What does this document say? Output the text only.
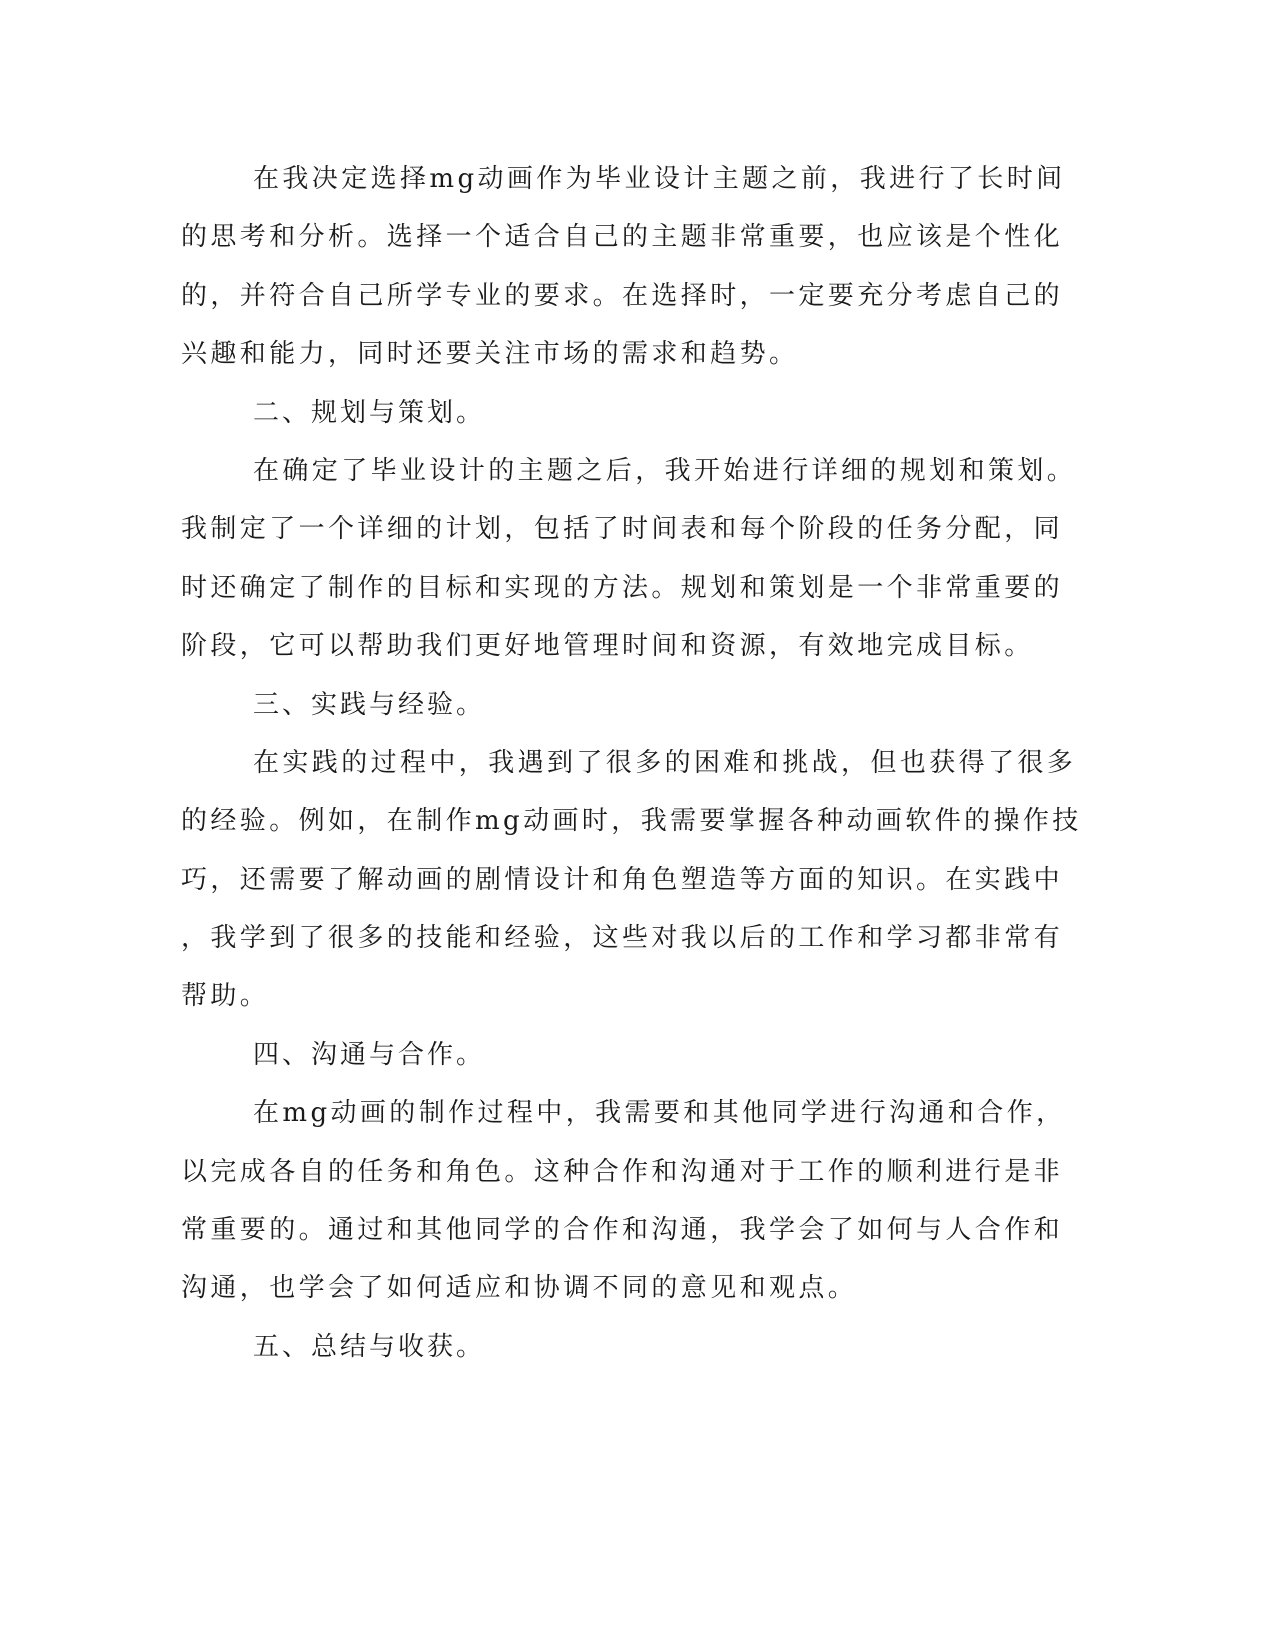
在我决定选择mg动画作为毕业设计主题之前，我进行了长时间
的思考和分析。选择一个适合自己的主题非常重要，也应该是个性化
的，并符合自己所学专业的要求。在选择时，一定要充分考虑自己的
兴趣和能力，同时还要关注市场的需求和趋势。
二、规划与策划。
在确定了毕业设计的主题之后，我开始进行详细的规划和策划。
我制定了一个详细的计划，包括了时间表和每个阶段的任务分配，同
时还确定了制作的目标和实现的方法。规划和策划是一个非常重要的
阶段，它可以帮助我们更好地管理时间和资源，有效地完成目标。
三、实践与经验。
在实践的过程中，我遇到了很多的困难和挑战，但也获得了很多
的经验。例如，在制作mg动画时，我需要掌握各种动画软件的操作技
巧，还需要了解动画的剧情设计和角色塑造等方面的知识。在实践中
，我学到了很多的技能和经验，这些对我以后的工作和学习都非常有
帮助。
四、沟通与合作。
在mg动画的制作过程中，我需要和其他同学进行沟通和合作，
以完成各自的任务和角色。这种合作和沟通对于工作的顺利进行是非
常重要的。通过和其他同学的合作和沟通，我学会了如何与人合作和
沟通，也学会了如何适应和协调不同的意见和观点。
五、总结与收获。
